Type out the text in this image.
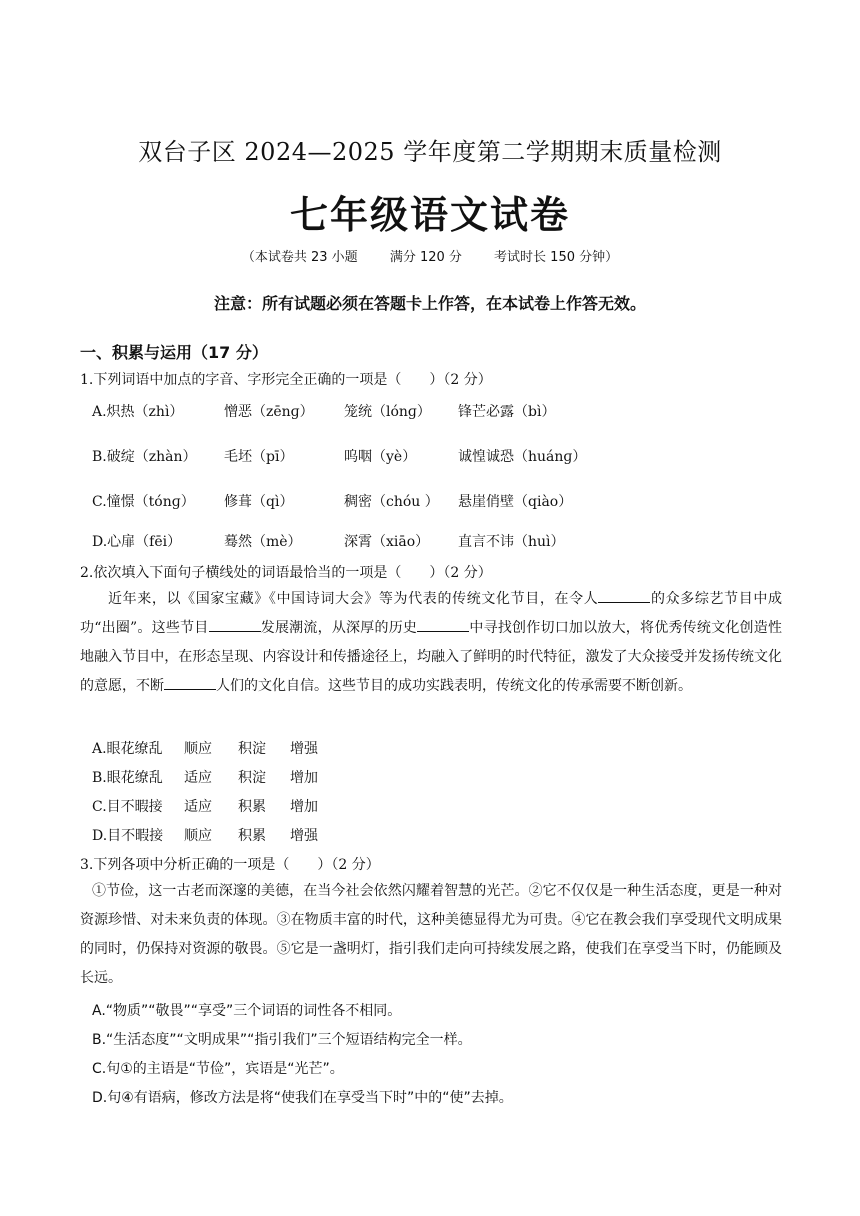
双台子区 2024—2025 学年度第二学期期末质量检测
七年级语文试卷
（本试卷共 23 小题 满分 120 分 考试时长 150 分钟）
注意：所有试题必须在答题卡上作答，在本试卷上作答无效。
一、积累与运用（17 分）
1.下列词语中加点的字音、字形完全正确的一项是（　　）（2 分）
A.炽热（zhì）	憎恶（zēnɡ） 笼统（lónɡ） 锋芒必露（bì）
B.破绽（zhàn） 毛坯（pī）	呜咽（yè）	诚惶诚恐（huánɡ）
C.憧憬（tónɡ） 修葺（qì）	稠密（chóu ） 悬崖俏壁（qiào）
D.心扉（fēi）	蓦然（mè）	深霄（xiāo） 直言不讳（huì）
2.依次填入下面句子横线处的词语最恰当的一项是（　　）（2 分）
近年来，以《国家宝藏》《中国诗词大会》等为代表的传统文化节目，在令人	的众多综艺节目中成功“出圈”。这些节目	发展潮流，从深厚的历史	中寻找创作切口加以放大，将优秀传统文化创造性地融入节目中，在形态呈现、内容设计和传播途径上，均融入了鲜明的时代特征，激发了大众接受并发扬传统文化的意愿，不断	人们的文化自信。这些节目的成功实践表明，传统文化的传承需要不断创新。
A.眼花缭乱 顺应 积淀 增强
B.眼花缭乱 适应 积淀 增加
C.目不暇接 适应 积累 增加
D.目不暇接 顺应 积累 增强
3.下列各项中分析正确的一项是（　　）（2 分）
①节俭，这一古老而深邃的美德，在当今社会依然闪耀着智慧的光芒。②它不仅仅是一种生活态度，更是一种对资源珍惜、对未来负责的体现。③在物质丰富的时代，这种美德显得尤为可贵。④它在教会我们享受现代文明成果的同时，仍保持对资源的敬畏。⑤它是一盏明灯，指引我们走向可持续发展之路，使我们在享受当下时，仍能顾及长远。
A.“物质”“敬畏”“享受”三个词语的词性各不相同。
B.“生活态度”“文明成果”“指引我们”三个短语结构完全一样。
C.句①的主语是“节俭”，宾语是“光芒”。
D.句④有语病，修改方法是将“使我们在享受当下时”中的“使”去掉。
